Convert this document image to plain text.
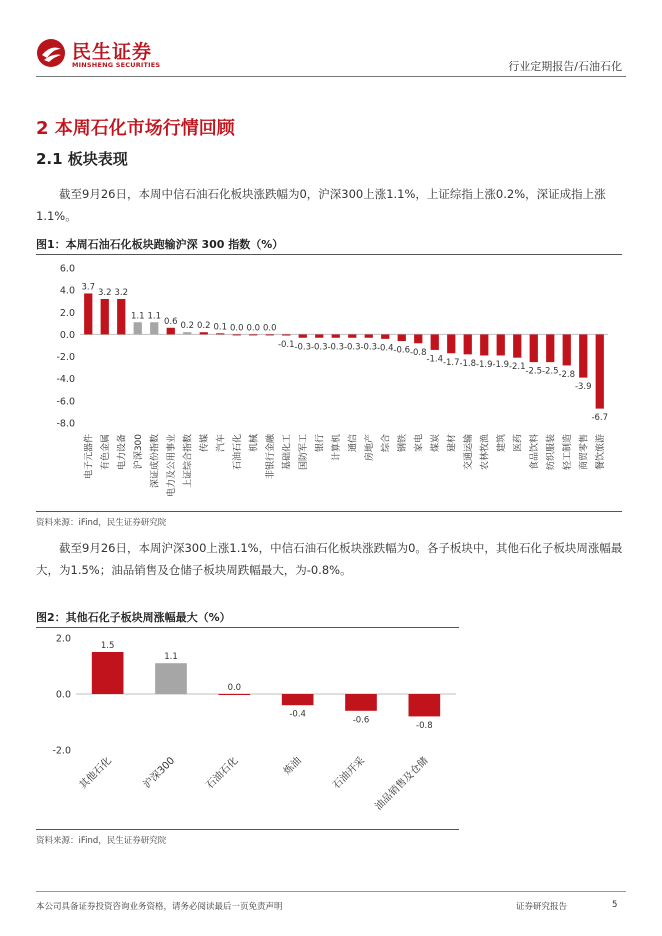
民生证券
MINSHENG SECURITIES	行业定期报告/石油石化
2 本周石化市场行情回顾
2.1 板块表现
截至9月26日，本周中信石油石化板块涨跌幅为0，沪深300上涨1.1%，上证综指上涨0.2%，深证成指上涨1.1%。
图1：本周石油石化板块跑输沪深 300 指数（%）
6.0
4.0
2.0
0.0
-2.0
-4.0
-6.0
-8.0
3.7
电子元器件
3.2
有色金属
3.2
电力设备
1.1
沪深300
1.1
深证成份指数
0.6
电力及公用事业
0.2
上证综合指数
0.2
传媒
0.1
汽车
0.0
石油石化
0.0
机械
0.0
非银行金融
-0.1
基础化工
-0.3
国防军工
-0.3
银行
-0.3
计算机
-0.3
通信
-0.3
房地产
-0.4
综合
-0.6
钢铁
-0.8
家电
-1.4
煤炭
-1.7
建材
-1.8
交通运输
-1.9
农林牧渔
-1.9
建筑
-2.1
医药
-2.5
食品饮料
-2.5
纺织服装
-2.8
轻工制造
-3.9
商贸零售
-6.7
餐饮旅游
资料来源：iFind，民生证券研究院
截至9月26日，本周沪深300上涨1.1%，中信石油石化板块涨跌幅为0。各子板块中，其他石化子板块周涨幅最大，为1.5%；油品销售及仓储子板块周跌幅最大，为-0.8%。
图2：其他石化子板块周涨幅最大（%）
2.0
0.0
-2.0
1.5
其他石化
1.1
沪深300
0.0
石油石化
-0.4
炼油
-0.6
石油开采
-0.8
油品销售及仓储
资料来源：iFind，民生证券研究院
本公司具备证券投资咨询业务资格，请务必阅读最后一页免责声明	证券研究报告	5
